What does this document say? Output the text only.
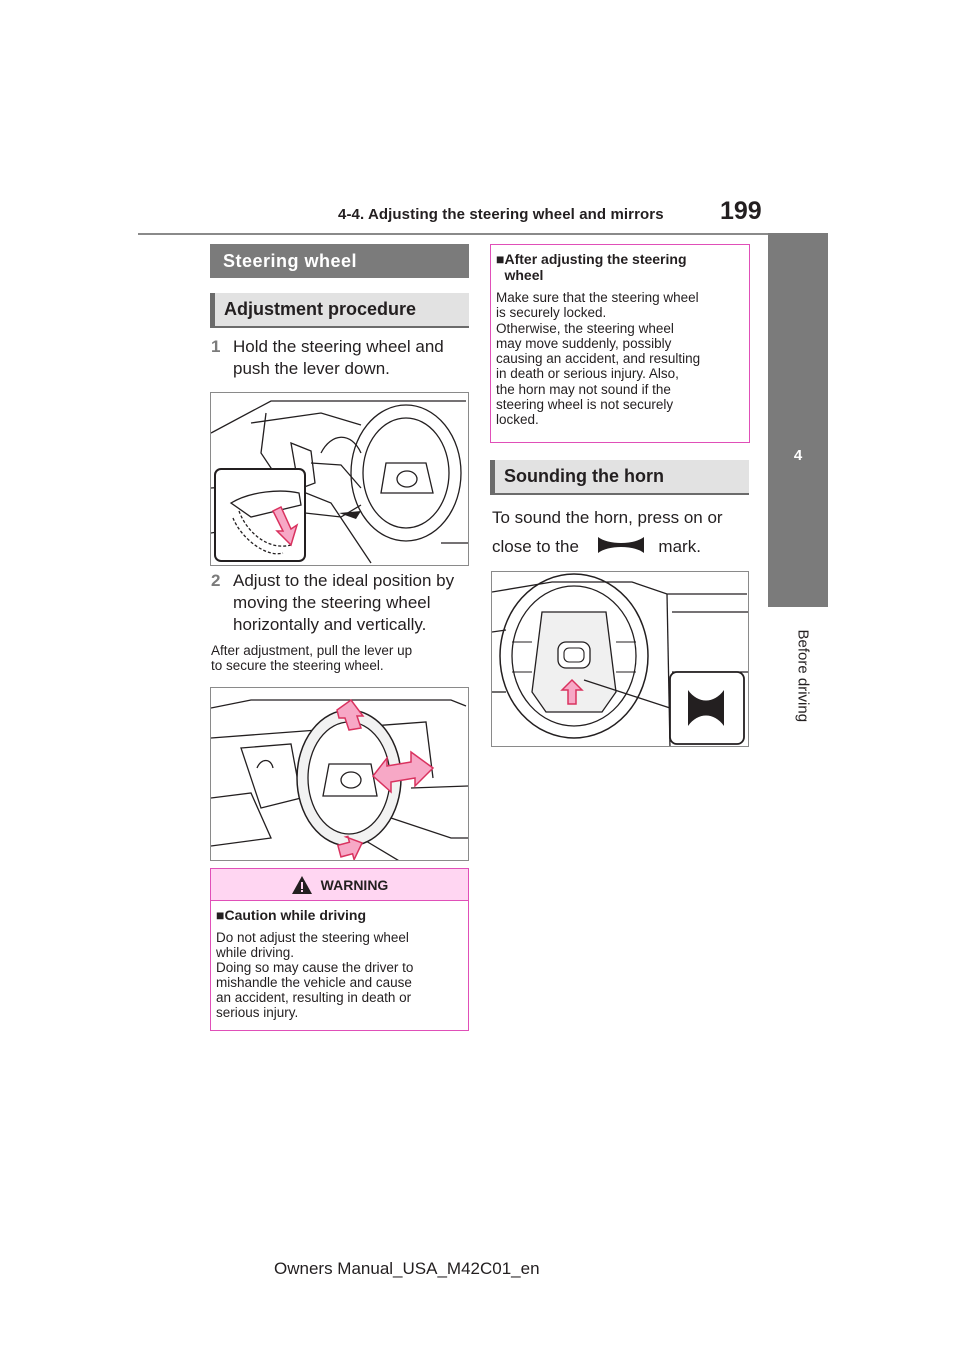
4-4. Adjusting the steering wheel and mirrors 199
4
Before driving
Steering wheel
Adjustment procedure
1 Hold the steering wheel and
push the lever down.
2 Adjust to the ideal position by
moving the steering wheel
horizontally and vertically.
After adjustment, pull the lever up
to secure the steering wheel.
WARNING
■Caution while driving
Do not adjust the steering wheel
while driving.
Doing so may cause the driver to
mishandle the vehicle and cause
an accident, resulting in death or
serious injury.
■ After adjusting the steering
wheel
Make sure that the steering wheel
is securely locked.
Otherwise, the steering wheel
may move suddenly, possibly
causing an accident, and resulting
in death or serious injury. Also,
the horn may not sound if the
steering wheel is not securely
locked.
Sounding the horn
To sound the horn, press on or
close to the	mark.
Owners Manual_USA_M42C01_en
